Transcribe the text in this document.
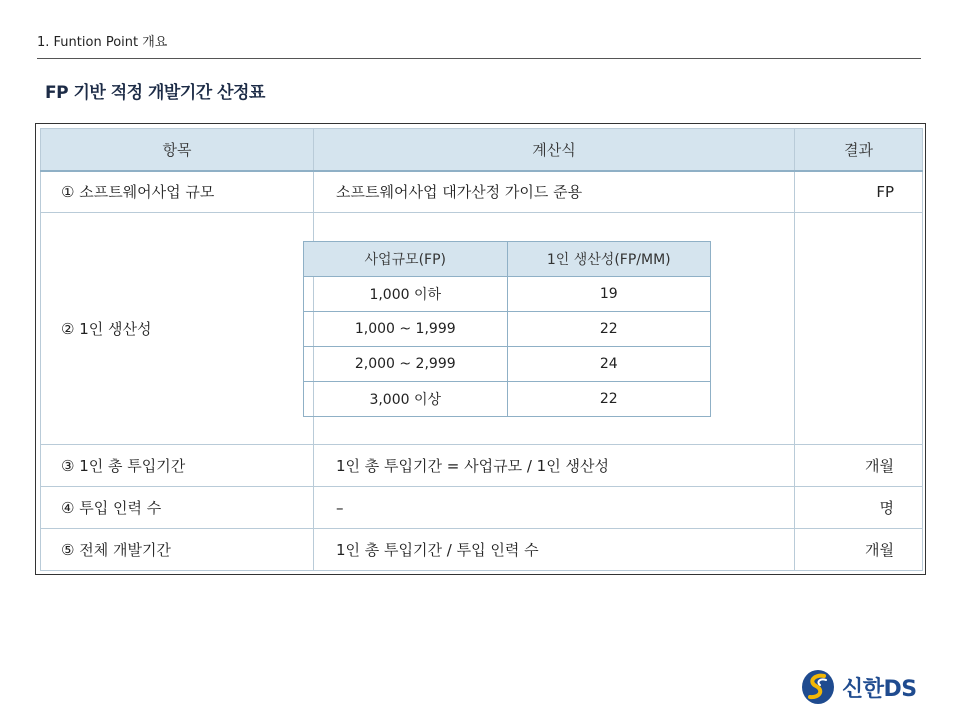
1. Funtion Point 개요
FP 기반 적정 개발기간 산정표
항목	계산식	결과
① 소프트웨어사업 규모	소프트웨어사업 대가산정 가이드 준용	FP
② 1인 생산성	
사업규모(FP)	1인 생산성(FP/MM)
1,000 이하	19
1,000 ~ 1,999	22
2,000 ~ 2,999	24
3,000 이상	22

③ 1인 총 투입기간	1인 총 투입기간 = 사업규모 / 1인 생산성	개월
④ 투입 인력 수	–	명
⑤ 전체 개발기간	1인 총 투입기간 / 투입 인력 수	개월
신한DS
